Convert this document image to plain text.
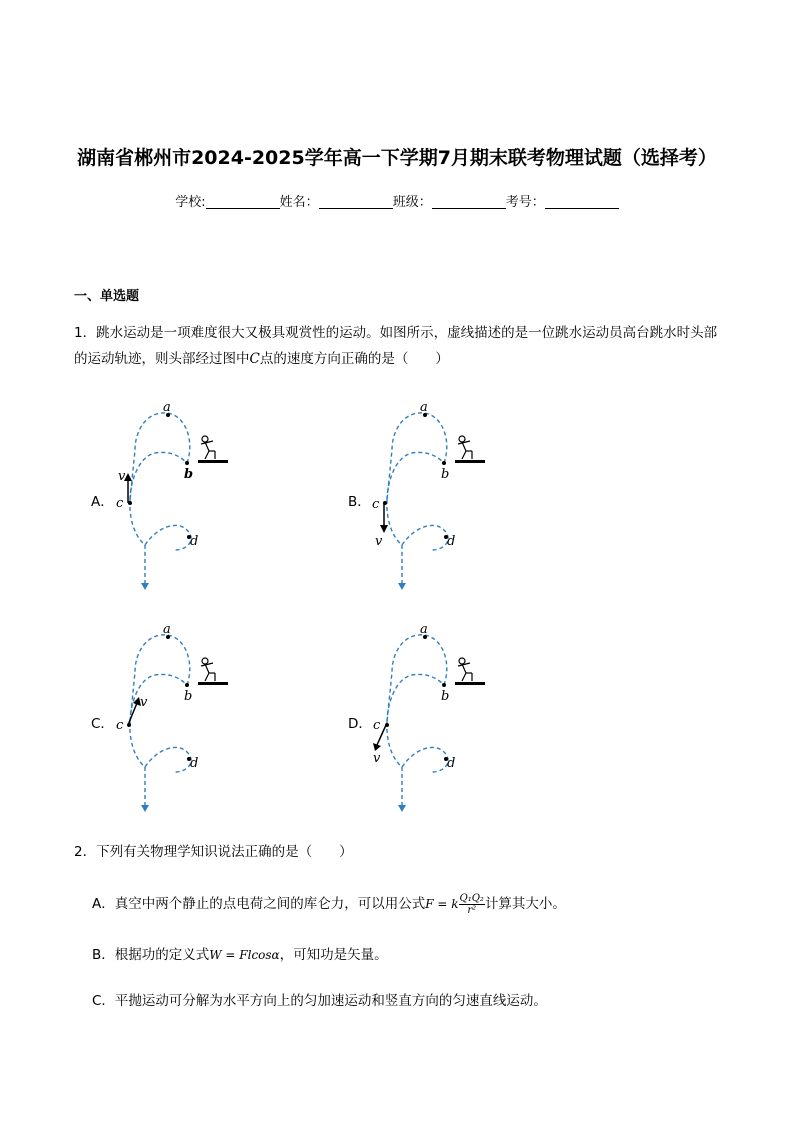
湖南省郴州市2024-2025学年高一下学期7月期末联考物理试题（选择考）
学校:	姓名：	班级：	考号：
一、单选题
1．跳水运动是一项难度很大又极具观赏性的运动。如图所示，虚线描述的是一位跳水运动员高台跳水时头部的运动轨迹，则头部经过图中C点的速度方向正确的是（　　）
A．	B．
C．	D．
a
b
c
v
d
a
b
c
v	d
a
b
c
v
d
a
b
c
v	d
2．下列有关物理学知识说法正确的是（　　）
A．真空中两个静止的点电荷之间的库仑力，可以用公式F = k $\frac{\text{Q₁Q₂}}{\text{r²}}$ 计算其大小。
B．根据功的定义式W = Flcosα，可知功是矢量。
C．平抛运动可分解为水平方向上的匀加速运动和竖直方向的匀速直线运动。
